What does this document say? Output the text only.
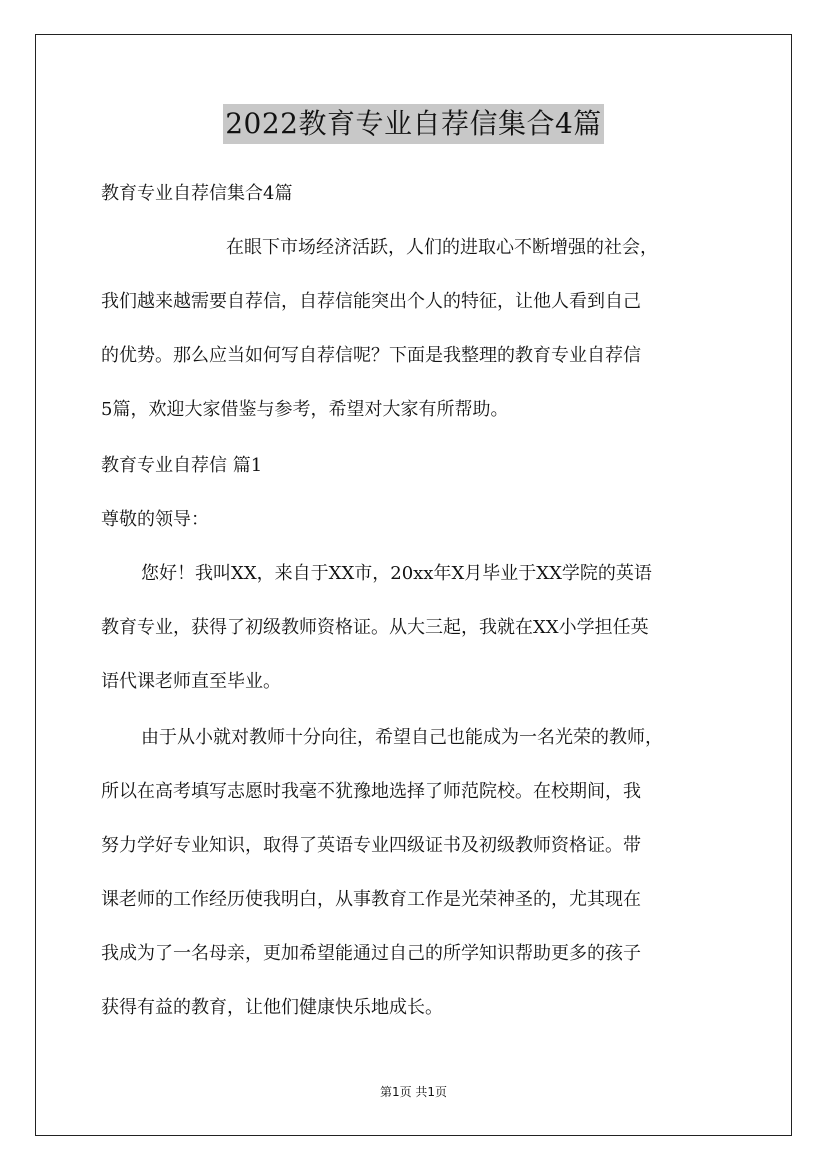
2022教育专业自荐信集合4篇
教育专业自荐信集合4篇
在眼下市场经济活跃，人们的进取心不断增强的社会，
我们越来越需要自荐信，自荐信能突出个人的特征，让他人看到自己
的优势。那么应当如何写自荐信呢？下面是我整理的教育专业自荐信
5篇，欢迎大家借鉴与参考，希望对大家有所帮助。
教育专业自荐信 篇1
尊敬的领导：
您好！我叫XX，来自于XX市，20xx年X月毕业于XX学院的英语
教育专业，获得了初级教师资格证。从大三起，我就在XX小学担任英
语代课老师直至毕业。
由于从小就对教师十分向往，希望自己也能成为一名光荣的教师，
所以在高考填写志愿时我毫不犹豫地选择了师范院校。在校期间，我
努力学好专业知识，取得了英语专业四级证书及初级教师资格证。带
课老师的工作经历使我明白，从事教育工作是光荣神圣的，尤其现在
我成为了一名母亲，更加希望能通过自己的所学知识帮助更多的孩子
获得有益的教育，让他们健康快乐地成长。
第1页 共1页
